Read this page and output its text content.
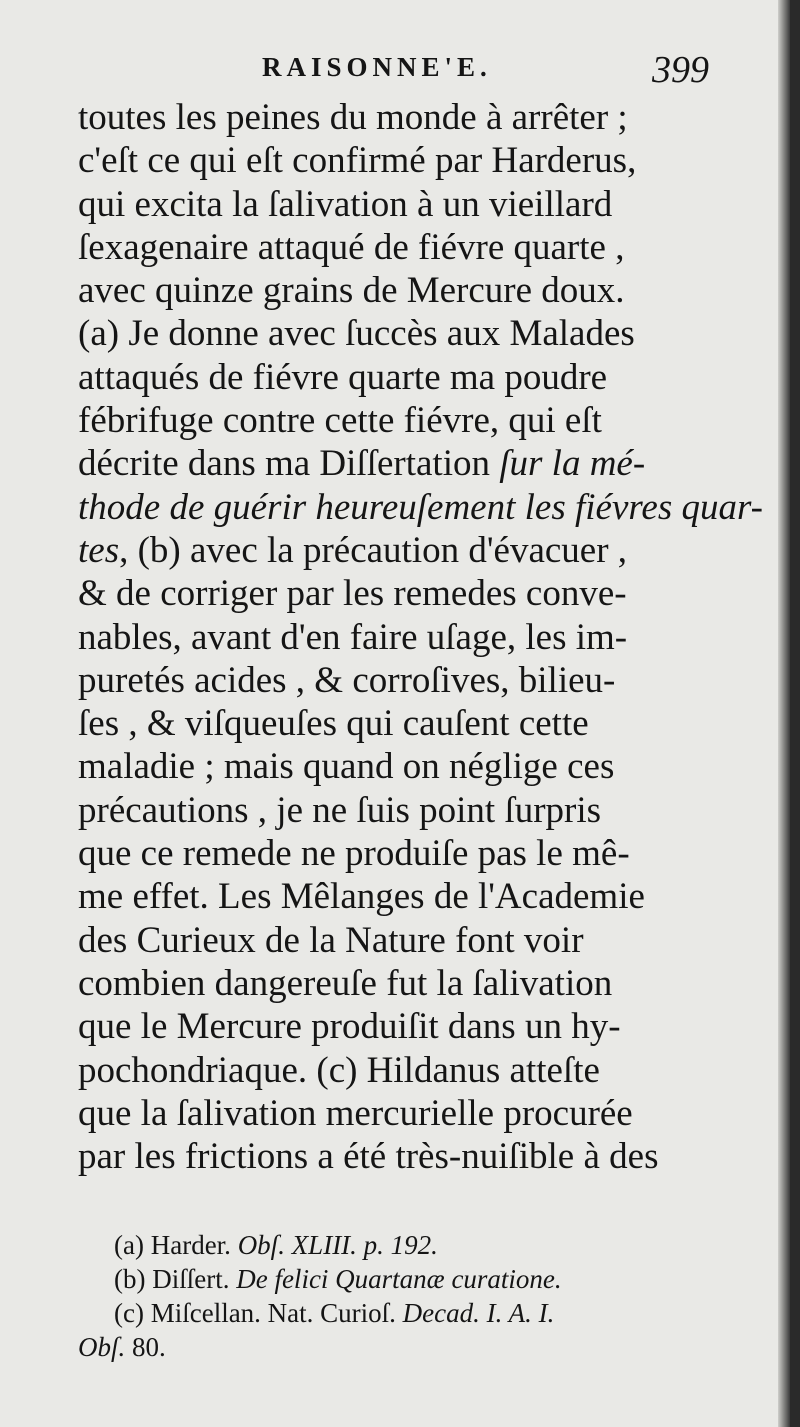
RAISONNE'E.	399
toutes les peines du monde à arrêter ;
c'eſt ce qui eſt confirmé par Harderus,
qui excita la ſalivation à un vieillard
ſexagenaire attaqué de fiévre quarte ,
avec quinze grains de Mercure doux.
(a) Je donne avec ſuccès aux Malades
attaqués de fiévre quarte ma poudre
fébrifuge contre cette fiévre, qui eſt
décrite dans ma Diſſertation ſur la mé-
thode de guérir heureuſement les fiévres quar-
tes, (b) avec la précaution d'évacuer ,
& de corriger par les remedes conve-
nables, avant d'en faire uſage, les im-
puretés acides , & corroſives, bilieu-
ſes , & viſqueuſes qui cauſent cette
maladie ; mais quand on néglige ces
précautions , je ne ſuis point ſurpris
que ce remede ne produiſe pas le mê-
me effet. Les Mêlanges de l'Academie
des Curieux de la Nature font voir
combien dangereuſe fut la ſalivation
que le Mercure produiſit dans un hy-
pochondriaque. (c) Hildanus atteſte
que la ſalivation mercurielle procurée
par les frictions a été très-nuiſible à des
(a) Harder. Obſ. XLIII. p. 192.
(b) Diſſert. De felici Quartanæ curatione.
(c) Miſcellan. Nat. Curioſ. Decad. I. A. I.
Obſ. 80.
